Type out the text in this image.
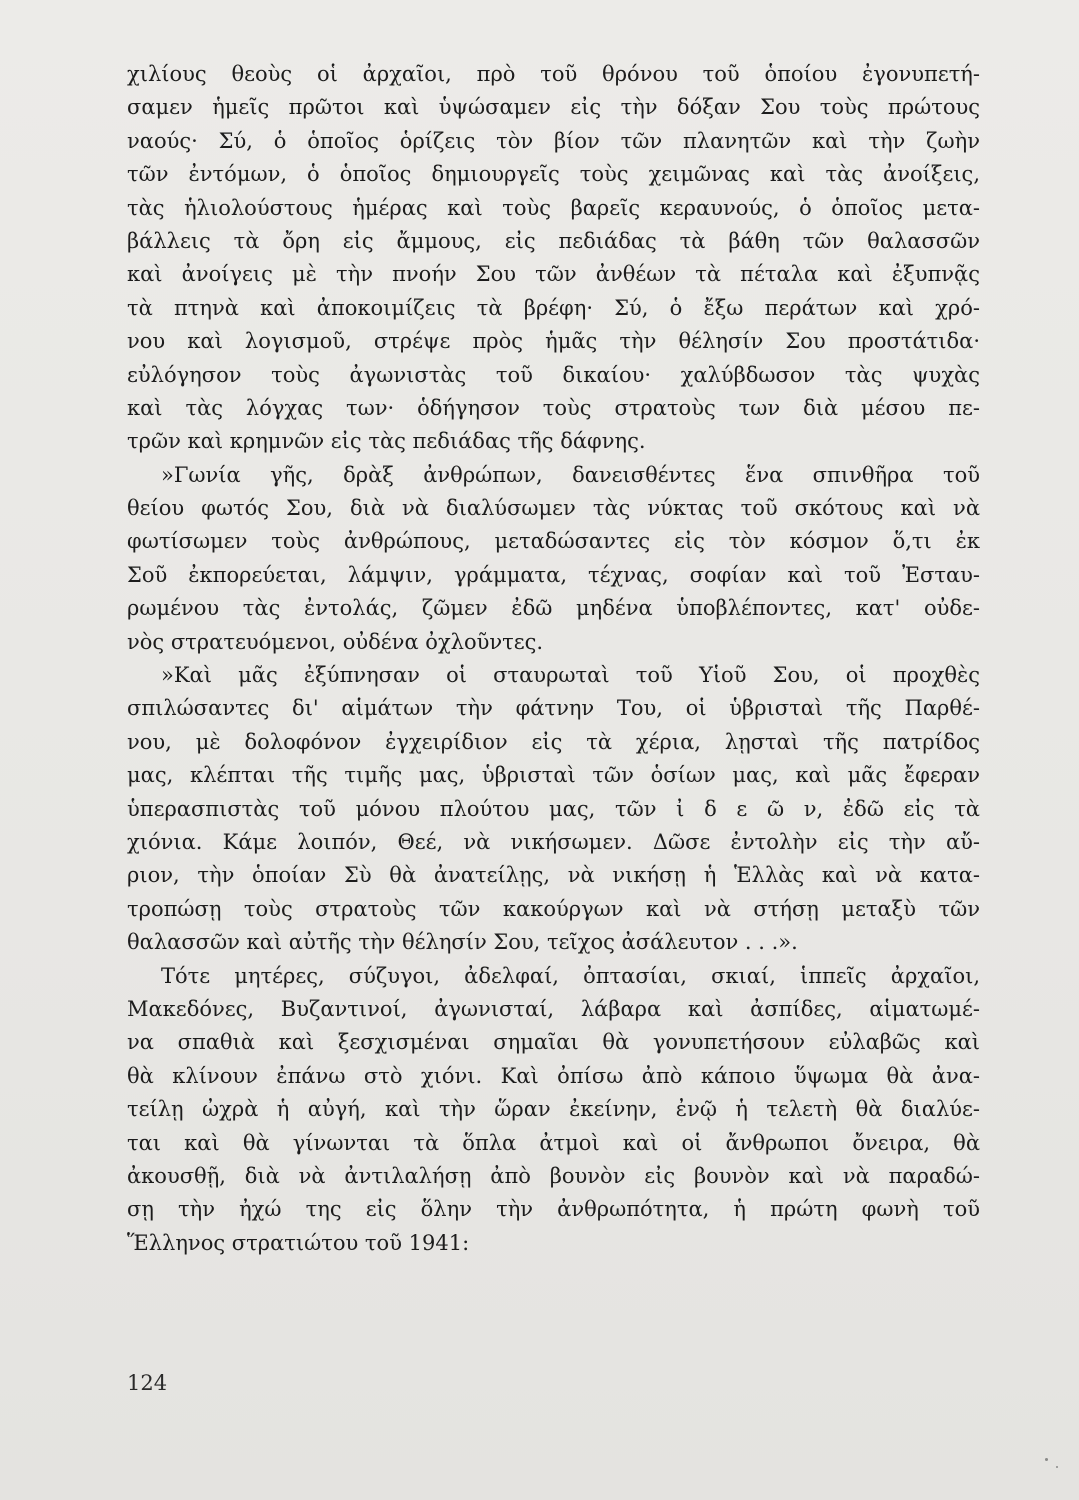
χιλίους θεοὺς οἱ ἀρχαῖοι, πρὸ τοῦ θρόνου τοῦ ὁποίου ἐγονυπετή-
σαμεν ἡμεῖς πρῶτοι καὶ ὑψώσαμεν εἰς τὴν δόξαν Σου τοὺς πρώτους
ναούς· Σύ, ὁ ὁποῖος ὁρίζεις τὸν βίον τῶν πλανητῶν καὶ τὴν ζωὴν
τῶν ἐντόμων, ὁ ὁποῖος δημιουργεῖς τοὺς χειμῶνας καὶ τὰς ἀνοίξεις,
τὰς ἡλιολούστους ἡμέρας καὶ τοὺς βαρεῖς κεραυνούς, ὁ ὁποῖος μετα-
βάλλεις τὰ ὄρη εἰς ἄμμους, εἰς πεδιάδας τὰ βάθη τῶν θαλασσῶν
καὶ ἀνοίγεις μὲ τὴν πνοήν Σου τῶν ἀνθέων τὰ πέταλα καὶ ἐξυπνᾷς
τὰ πτηνὰ καὶ ἀποκοιμίζεις τὰ βρέφη· Σύ, ὁ ἔξω περάτων καὶ χρό-
νου καὶ λογισμοῦ, στρέψε πρὸς ἡμᾶς τὴν θέλησίν Σου προστάτιδα·
εὐλόγησον τοὺς ἀγωνιστὰς τοῦ δικαίου· χαλύβδωσον τὰς ψυχὰς
καὶ τὰς λόγχας των· ὁδήγησον τοὺς στρατοὺς των διὰ μέσου πε-
τρῶν καὶ κρημνῶν εἰς τὰς πεδιάδας τῆς δάφνης.
»Γωνία γῆς, δρὰξ ἀνθρώπων, δανεισθέντες ἕνα σπινθῆρα τοῦ
θείου φωτός Σου, διὰ νὰ διαλύσωμεν τὰς νύκτας τοῦ σκότους καὶ νὰ
φωτίσωμεν τοὺς ἀνθρώπους, μεταδώσαντες εἰς τὸν κόσμον ὅ,τι ἐκ
Σοῦ ἐκπορεύεται, λάμψιν, γράμματα, τέχνας, σοφίαν καὶ τοῦ Ἐσταυ-
ρωμένου τὰς ἐντολάς, ζῶμεν ἐδῶ μηδένα ὑποβλέποντες, κατ' οὐδε-
νὸς στρατευόμενοι, οὐδένα ὀχλοῦντες.
»Καὶ μᾶς ἐξύπνησαν οἱ σταυρωταὶ τοῦ Υἱοῦ Σου, οἱ προχθὲς
σπιλώσαντες δι' αἱμάτων τὴν φάτνην Του, οἱ ὑβρισταὶ τῆς Παρθέ-
νου, μὲ δολοφόνον ἐγχειρίδιον εἰς τὰ χέρια, λῃσταὶ τῆς πατρίδος
μας, κλέπται τῆς τιμῆς μας, ὑβρισταὶ τῶν ὁσίων μας, καὶ μᾶς ἔφεραν
ὑπερασπιστὰς τοῦ μόνου πλούτου μας, τῶν ἰ δ ε ῶ ν, ἐδῶ εἰς τὰ
χιόνια. Κάμε λοιπόν, Θεέ, νὰ νικήσωμεν. Δῶσε ἐντολὴν εἰς τὴν αὔ-
ριον, τὴν ὁποίαν Σὺ θὰ ἀνατείλῃς, νὰ νικήσῃ ἡ Ἑλλὰς καὶ νὰ κατα-
τροπώσῃ τοὺς στρατοὺς τῶν κακούργων καὶ νὰ στήσῃ μεταξὺ τῶν
θαλασσῶν καὶ αὐτῆς τὴν θέλησίν Σου, τεῖχος ἀσάλευτον . . .».
Τότε μητέρες, σύζυγοι, ἀδελφαί, ὀπτασίαι, σκιαί, ἱππεῖς ἀρχαῖοι,
Μακεδόνες, Βυζαντινοί, ἀγωνισταί, λάβαρα καὶ ἀσπίδες, αἱματωμέ-
να σπαθιὰ καὶ ξεσχισμέναι σημαῖαι θὰ γονυπετήσουν εὐλαβῶς καὶ
θὰ κλίνουν ἐπάνω στὸ χιόνι. Καὶ ὀπίσω ἀπὸ κάποιο ὕψωμα θὰ ἀνα-
τείλῃ ὠχρὰ ἡ αὐγή, καὶ τὴν ὥραν ἐκείνην, ἐνῷ ἡ τελετὴ θὰ διαλύε-
ται καὶ θὰ γίνωνται τὰ ὅπλα ἀτμοὶ καὶ οἱ ἄνθρωποι ὄνειρα, θὰ
ἀκουσθῇ, διὰ νὰ ἀντιλαλήσῃ ἀπὸ βουνὸν εἰς βουνὸν καὶ νὰ παραδώ-
σῃ τὴν ἠχώ της εἰς ὅλην τὴν ἀνθρωπότητα, ἡ πρώτη φωνὴ τοῦ
Ἕλληνος στρατιώτου τοῦ 1941:
124
